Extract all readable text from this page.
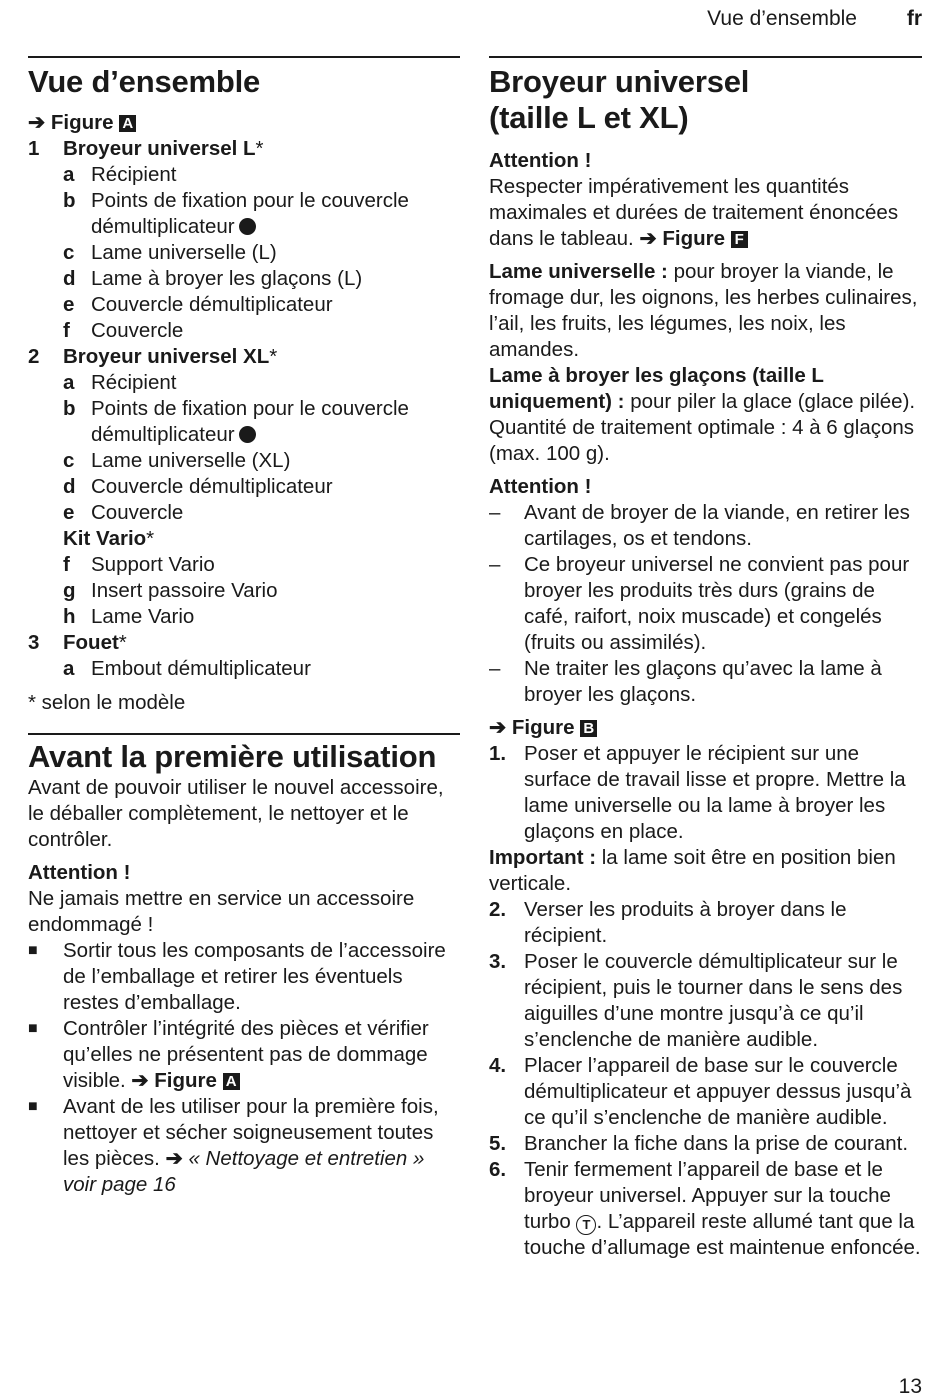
Vue d’ensemble fr
Vue d’ensemble
➔ Figure A
1	Broyeur universel L*
a Récipient
b Points de fixation pour le couvercle
démultiplicateur
c Lame universelle (L)
d Lame à broyer les glaçons (L)
e Couvercle démultiplicateur
f	Couvercle
2	Broyeur universel XL*
a Récipient
b Points de fixation pour le couvercle
démultiplicateur
c Lame universelle (XL)
d Couvercle démultiplicateur
e Couvercle
Kit Vario*
f	Support Vario
g Insert passoire Vario
h Lame Vario
3	Fouet*
a Embout démultiplicateur
* selon le modèle
Avant la première utilisation

Avant de pouvoir utiliser le nouvel accessoire, le déballer complètement, le nettoyer et le contrôler.

Attention !

Ne jamais mettre en service un accessoire endommagé !

■	Sortir tous les composants de l’accessoire de l’emballage et retirer les éventuels restes d’emballage.
■	Contrôler l’intégrité des pièces et vérifier qu’elles ne présentent pas de dommage visible. ➔ Figure A
■	Avant de les utiliser pour la première fois, nettoyer et sécher soigneusement toutes les pièces. ➔ « Nettoyage et entretien » voir page 16
Broyeur universel
(taille L et XL)
Attention !

Respecter impérativement les quantités maximales et durées de traitement énoncées dans le tableau. ➔ Figure F

Lame universelle : pour broyer la viande, le fromage dur, les oignons, les herbes culinaires, l’ail, les fruits, les légumes, les noix, les amandes.

Lame à broyer les glaçons (taille L uniquement) : pour piler la glace (glace pilée). Quantité de traitement optimale : 4 à 6 glaçons (max. 100 g).

Attention !
–	Avant de broyer de la viande, en retirer les cartilages, os et tendons.
–	Ce broyeur universel ne convient pas pour broyer les produits très durs (grains de café, raifort, noix muscade) et congelés (fruits ou assimilés).
–	Ne traiter les glaçons qu’avec la lame à broyer les glaçons.
➔ Figure B
1. Poser et appuyer le récipient sur une surface de travail lisse et propre. Mettre la lame universelle ou la lame à broyer les glaçons en place.

Important : la lame soit être en position bien verticale.

2. Verser les produits à broyer dans le récipient.
3. Poser le couvercle démultiplicateur sur le récipient, puis le tourner dans le sens des aiguilles d’une montre jusqu’à ce qu’il s’enclenche de manière audible.
4. Placer l’appareil de base sur le couvercle démultiplicateur et appuyer dessus jusqu’à ce qu’il s’enclenche de manière audible.
5. Brancher la fiche dans la prise de courant.
6. Tenir fermement l’appareil de base et le broyeur universel. Appuyer sur la touche turbo T . L’appareil reste allumé tant que la touche d’allumage est maintenue enfoncée.
13
